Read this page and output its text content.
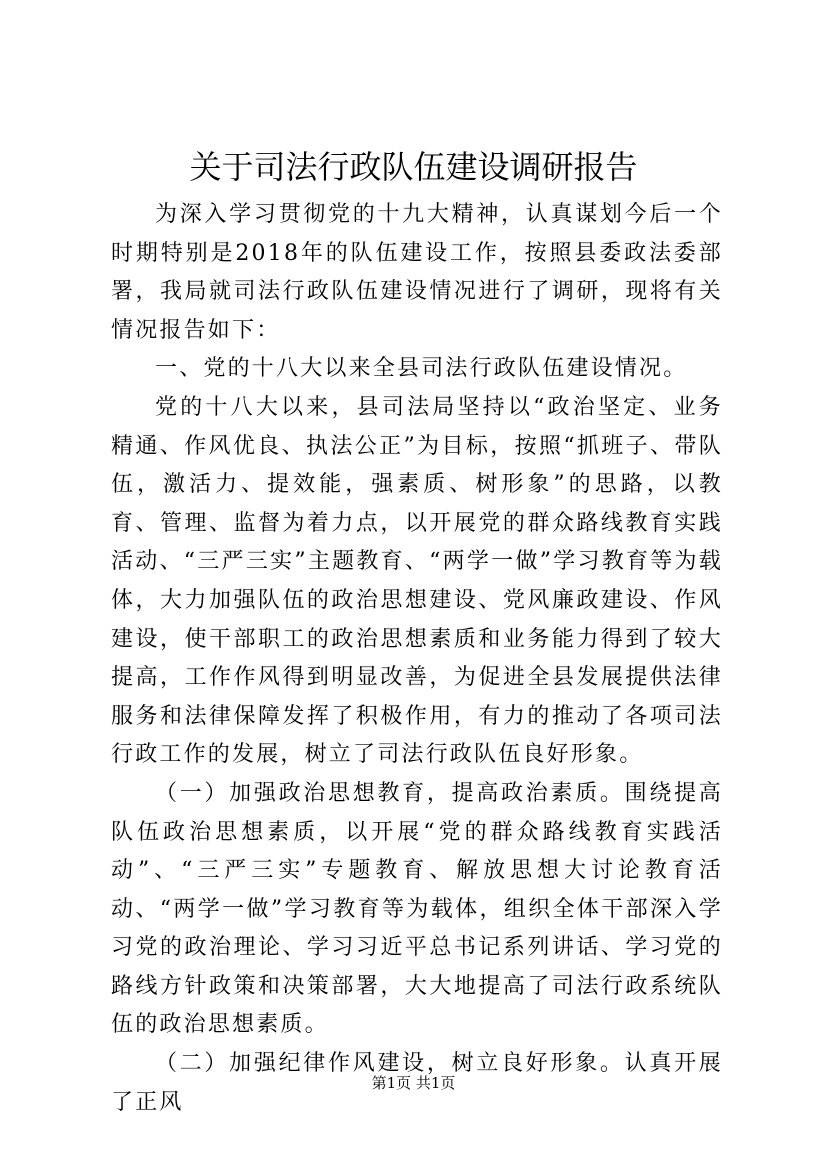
关于司法行政队伍建设调研报告

为深入学习贯彻党的十九大精神，认真谋划今后一个时期特别是2018年的队伍建设工作，按照县委政法委部署，我局就司法行政队伍建设情况进行了调研，现将有关情况报告如下：

一、党的十八大以来全县司法行政队伍建设情况。

党的十八大以来，县司法局坚持以“政治坚定、业务精通、作风优良、执法公正”为目标，按照“抓班子、带队伍，激活力、提效能，强素质、树形象”的思路，以教育、管理、监督为着力点，以开展党的群众路线教育实践活动、“三严三实”主题教育、“两学一做”学习教育等为载体，大力加强队伍的政治思想建设、党风廉政建设、作风建设，使干部职工的政治思想素质和业务能力得到了较大提高，工作作风得到明显改善，为促进全县发展提供法律服务和法律保障发挥了积极作用，有力的推动了各项司法行政工作的发展，树立了司法行政队伍良好形象。

（一）加强政治思想教育，提高政治素质。围绕提高队伍政治思想素质，以开展“党的群众路线教育实践活动”、“三严三实”专题教育、解放思想大讨论教育活动、“两学一做”学习教育等为载体，组织全体干部深入学习党的政治理论、学习习近平总书记系列讲话、学习党的路线方针政策和决策部署，大大地提高了司法行政系统队伍的政治思想素质。

（二）加强纪律作风建设，树立良好形象。认真开展了正风

第1页 共1页
